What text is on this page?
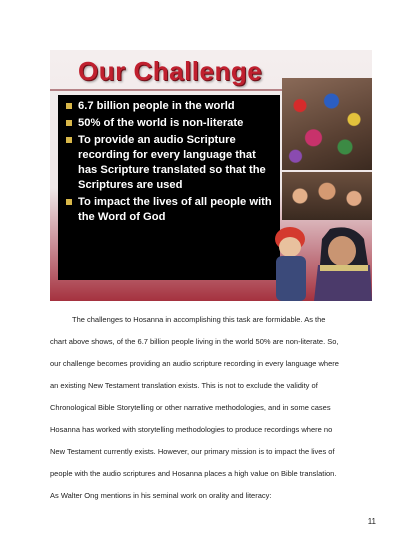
Our Challenge
6.7 billion people in the world
50% of the world is non-literate
To provide an audio Scripture recording for every language that has Scripture translated so that the Scriptures are used
To impact the lives of all people with the Word of God
The challenges to Hosanna in accomplishing this task are formidable. As the
chart above shows, of the 6.7 billion people living in the world 50% are non-literate. So,
our challenge becomes providing an audio scripture recording in every language where
an existing New Testament translation exists. This is not to exclude the validity of
Chronological Bible Storytelling or other narrative methodologies, and in some cases
Hosanna has worked with storytelling methodologies to produce recordings where no
New Testament currently exists. However, our primary mission is to impact the lives of
people with the audio scriptures and Hosanna places a high value on Bible translation.
As Walter Ong mentions in his seminal work on orality and literacy:
11
